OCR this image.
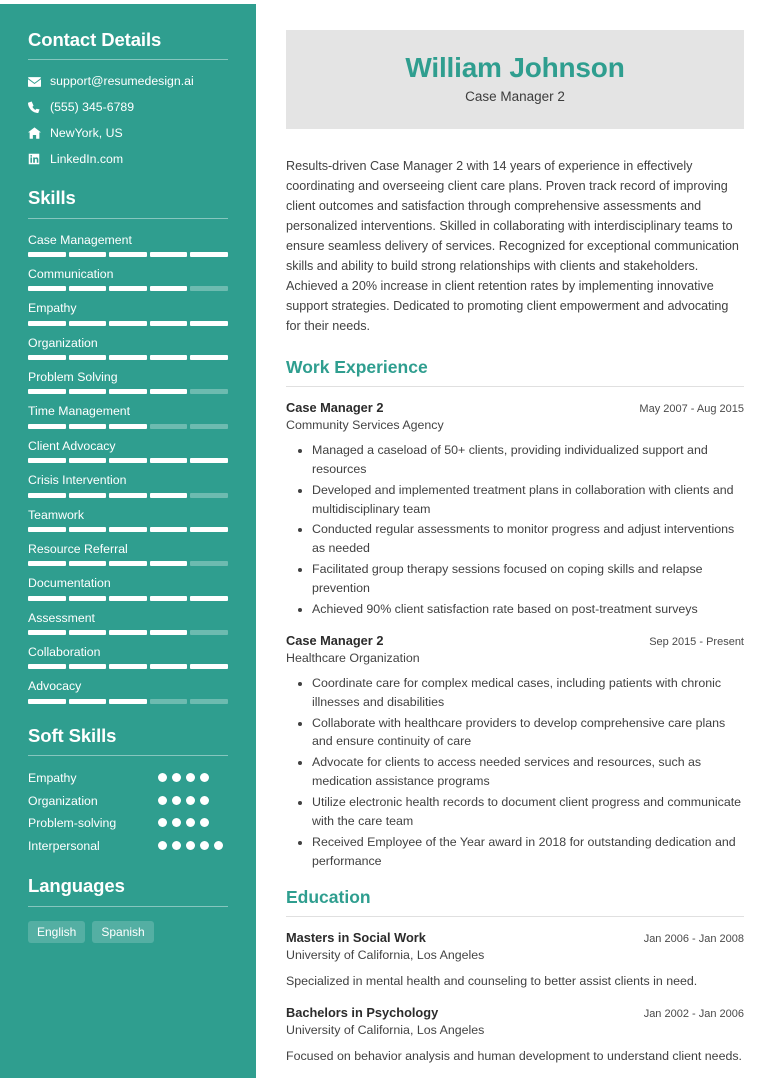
Contact Details
support@resumedesign.ai
(555) 345-6789
NewYork, US
LinkedIn.com
Skills
Case Management
Communication
Empathy
Organization
Problem Solving
Time Management
Client Advocacy
Crisis Intervention
Teamwork
Resource Referral
Documentation
Assessment
Collaboration
Advocacy
Soft Skills
Empathy
Organization
Problem-solving
Interpersonal
Languages
English	Spanish
William Johnson
Case Manager 2

Results-driven Case Manager 2 with 14 years of experience in effectively coordinating and overseeing client care plans. Proven track record of improving client outcomes and satisfaction through comprehensive assessments and personalized interventions. Skilled in collaborating with interdisciplinary teams to ensure seamless delivery of services. Recognized for exceptional communication skills and ability to build strong relationships with clients and stakeholders. Achieved a 20% increase in client retention rates by implementing innovative support strategies. Dedicated to promoting client empowerment and advocating for their needs.

Work Experience
Case Manager 2	May 2007 - Aug 2015
Community Services Agency
• Managed a caseload of 50+ clients, providing individualized support and resources
• Developed and implemented treatment plans in collaboration with clients and multidisciplinary team
• Conducted regular assessments to monitor progress and adjust interventions as needed
• Facilitated group therapy sessions focused on coping skills and relapse prevention
• Achieved 90% client satisfaction rate based on post-treatment surveys
Case Manager 2	Sep 2015 - Present
Healthcare Organization
• Coordinate care for complex medical cases, including patients with chronic illnesses and disabilities
• Collaborate with healthcare providers to develop comprehensive care plans and ensure continuity of care
• Advocate for clients to access needed services and resources, such as medication assistance programs
• Utilize electronic health records to document client progress and communicate with the care team
• Received Employee of the Year award in 2018 for outstanding dedication and performance
Education
Masters in Social Work	Jan 2006 - Jan 2008
University of California, Los Angeles
Specialized in mental health and counseling to better assist clients in need.
Bachelors in Psychology	Jan 2002 - Jan 2006
University of California, Los Angeles
Focused on behavior analysis and human development to understand client needs.
